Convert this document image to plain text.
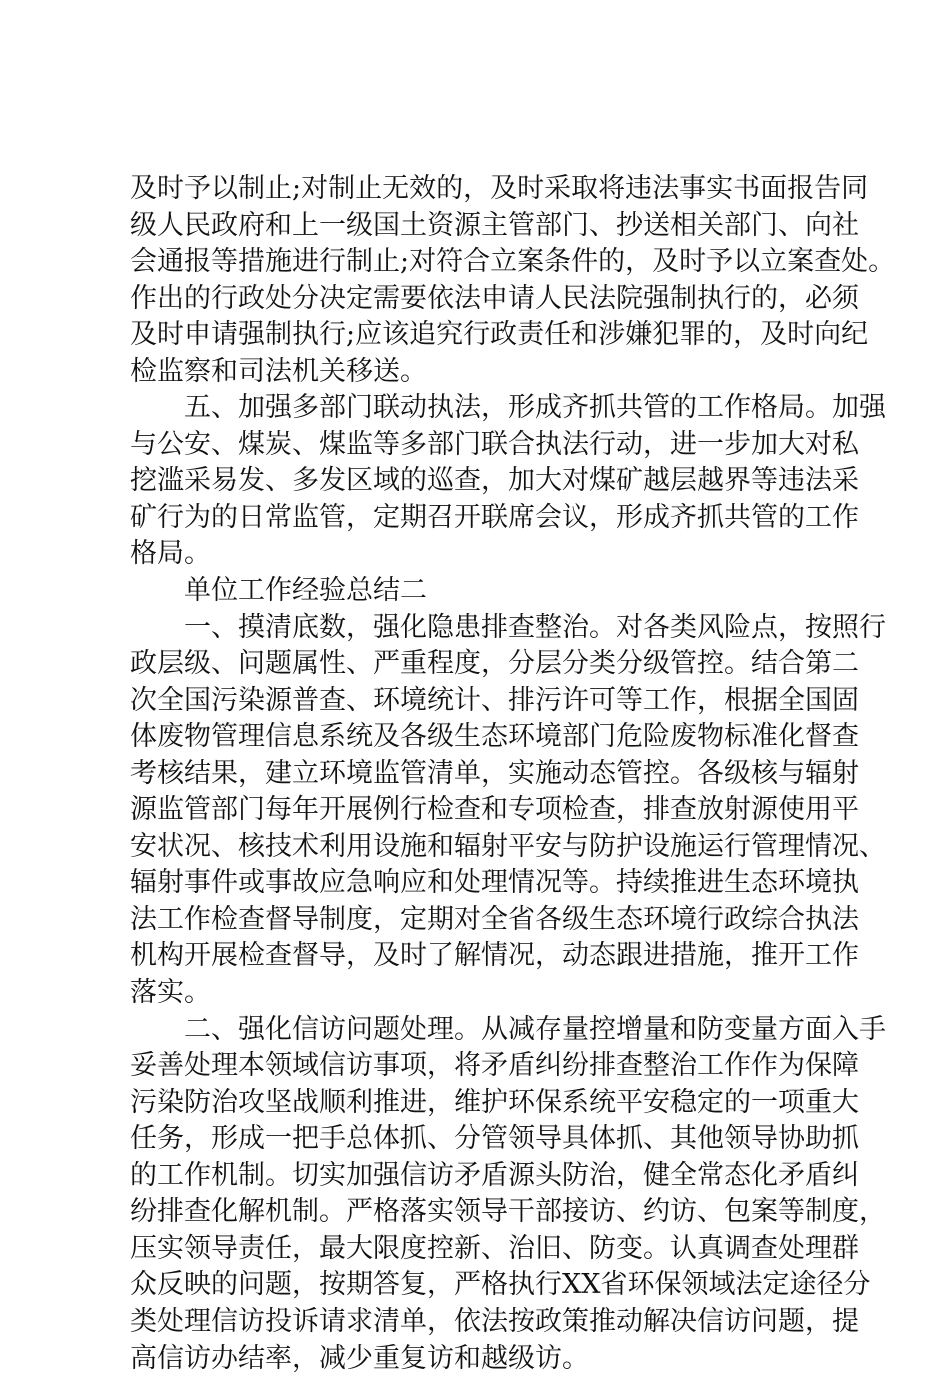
及时予以制止;对制止无效的，及时采取将违法事实书面报告同
级人民政府和上一级国土资源主管部门、抄送相关部门、向社
会通报等措施进行制止;对符合立案条件的，及时予以立案查处。
作出的行政处分决定需要依法申请人民法院强制执行的，必须
及时申请强制执行;应该追究行政责任和涉嫌犯罪的，及时向纪
检监察和司法机关移送。
五、加强多部门联动执法，形成齐抓共管的工作格局。加强
与公安、煤炭、煤监等多部门联合执法行动，进一步加大对私
挖滥采易发、多发区域的巡查，加大对煤矿越层越界等违法采
矿行为的日常监管，定期召开联席会议，形成齐抓共管的工作
格局。
单位工作经验总结二
一、摸清底数，强化隐患排查整治。对各类风险点，按照行
政层级、问题属性、严重程度，分层分类分级管控。结合第二
次全国污染源普查、环境统计、排污许可等工作，根据全国固
体废物管理信息系统及各级生态环境部门危险废物标准化督查
考核结果，建立环境监管清单，实施动态管控。各级核与辐射
源监管部门每年开展例行检查和专项检查，排查放射源使用平
安状况、核技术利用设施和辐射平安与防护设施运行管理情况、
辐射事件或事故应急响应和处理情况等。持续推进生态环境执
法工作检查督导制度，定期对全省各级生态环境行政综合执法
机构开展检查督导，及时了解情况，动态跟进措施，推开工作
落实。
二、强化信访问题处理。从减存量控增量和防变量方面入手
妥善处理本领域信访事项，将矛盾纠纷排查整治工作作为保障
污染防治攻坚战顺利推进，维护环保系统平安稳定的一项重大
任务，形成一把手总体抓、分管领导具体抓、其他领导协助抓
的工作机制。切实加强信访矛盾源头防治，健全常态化矛盾纠
纷排查化解机制。严格落实领导干部接访、约访、包案等制度，
压实领导责任，最大限度控新、治旧、防变。认真调查处理群
众反映的问题，按期答复，严格执行XX省环保领域法定途径分
类处理信访投诉请求清单，依法按政策推动解决信访问题，提
高信访办结率，减少重复访和越级访。
